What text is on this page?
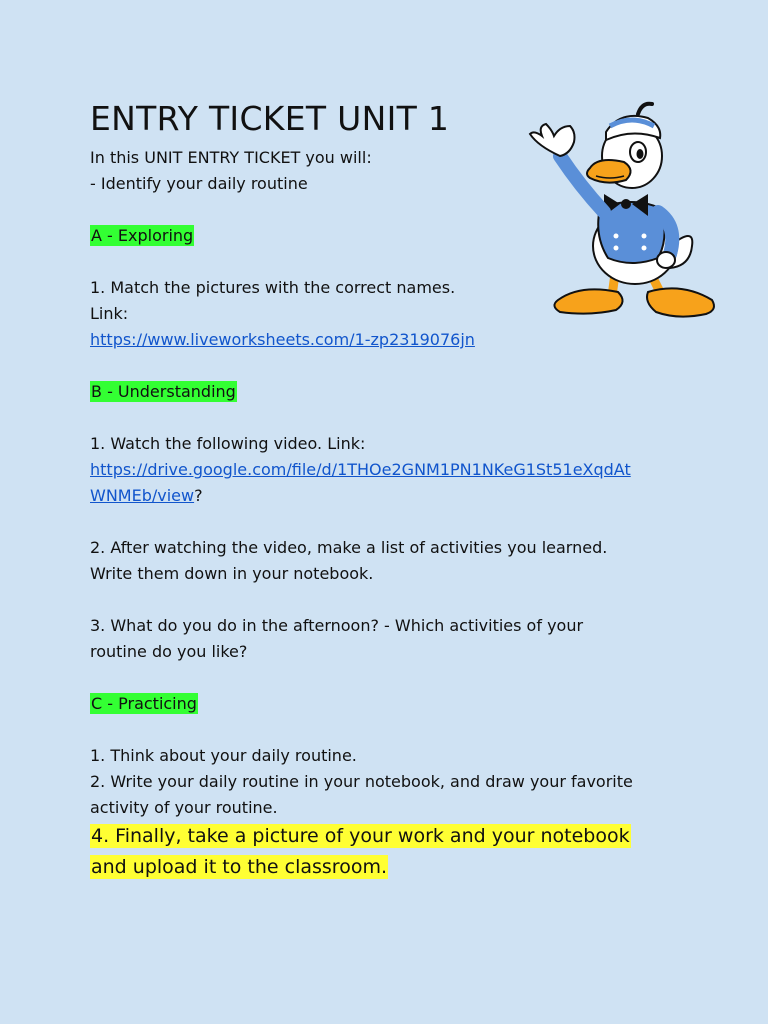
ENTRY TICKET UNIT 1
In this UNIT ENTRY TICKET you will:
- Identify your daily routine
A - Exploring
1. Match the pictures with the correct names.
Link:
https://www.liveworksheets.com/1-zp2319076jn
B - Understanding
1. Watch the following video. Link:
https://drive.google.com/file/d/1THOe2GNM1PN1NKeG1St51eXqdAt
WNMEb/view?
2. After watching the video, make a list of activities you learned.
Write them down in your notebook.
3. What do you do in the afternoon? - Which activities of your
routine do you like?
C - Practicing
1. Think about your daily routine.
2. Write your daily routine in your notebook, and draw your favorite
activity of your routine.
4. Finally, take a picture of your work and your notebook
and upload it to the classroom.
